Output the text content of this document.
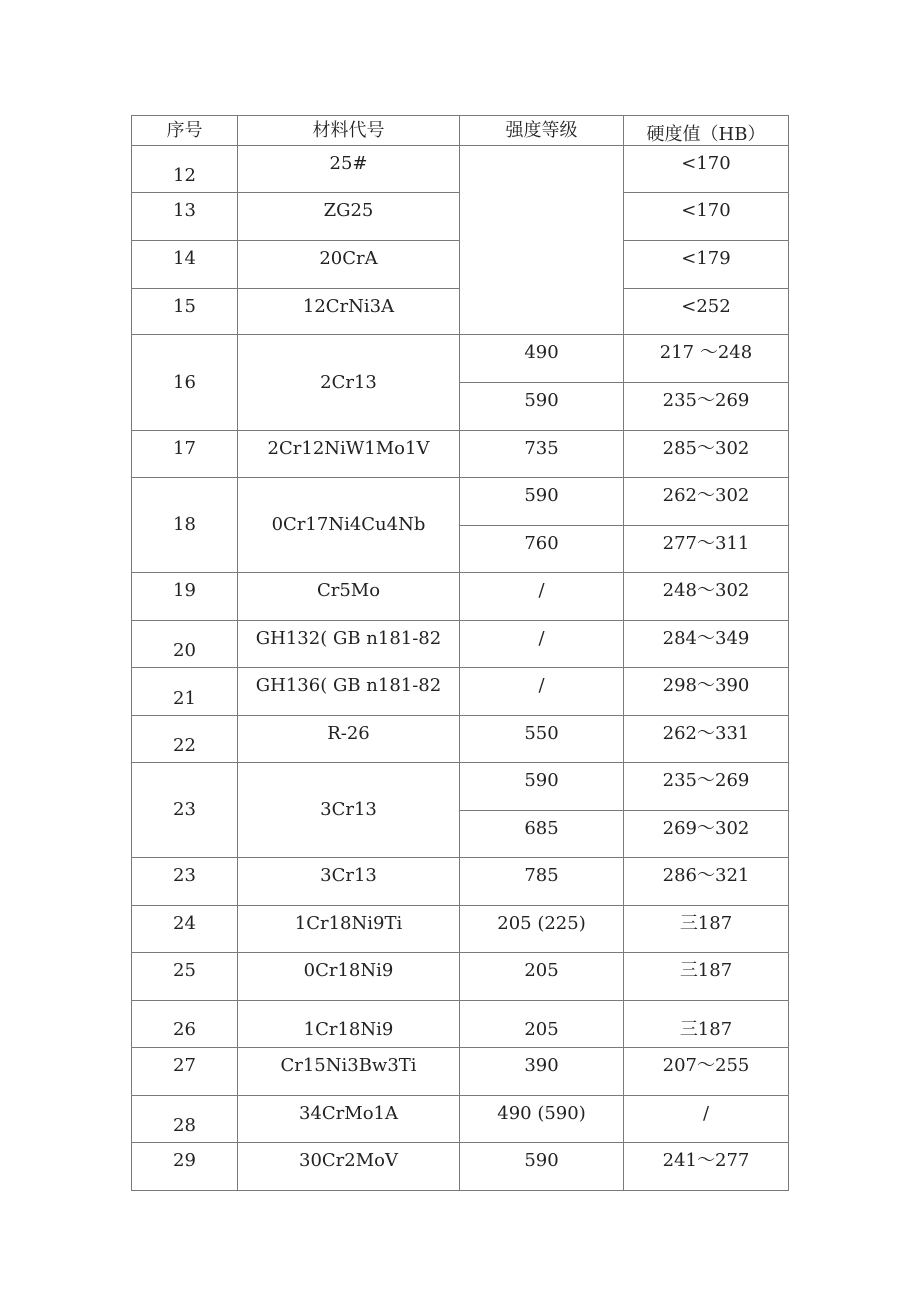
序号	材料代号	强度等级	硬度值（HB）
12	25#		<170
13	ZG25		<170
14	20CrA		<179
15	12CrNi3A		<252
16	2Cr13	490	217 ～248
		590	235～269
17	2Cr12NiW1Mo1V	735	285～302
18	0Cr17Ni4Cu4Nb	590	262～302
		760	277～311
19	Cr5Mo	/	248～302
20	GH132( GB n181-82	/	284～349
21	GH136( GB n181-82	/	298～390
22	R-26	550	262～331
23	3Cr13	590	235～269
		685	269～302
23	3Cr13	785	286～321
24	1Cr18Ni9Ti	205 (225)	三187
25	0Cr18Ni9	205	三187
26	1Cr18Ni9	205	三187
27	Cr15Ni3Bw3Ti	390	207～255
28	34CrMo1A	490 (590)	/
29	30Cr2MoV	590	241～277
